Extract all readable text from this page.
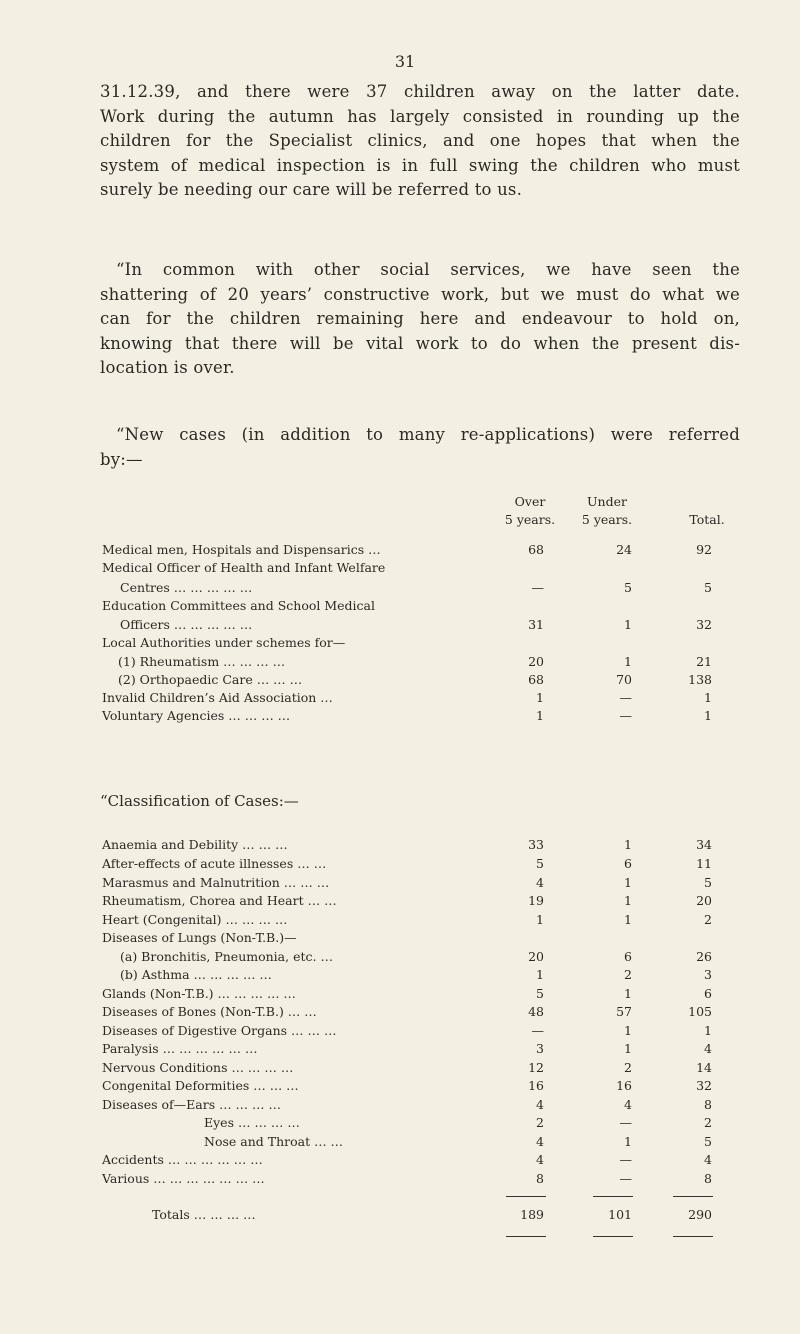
31
31.12.39, and there were 37 children away on the latter date.
Work during the autumn has largely consisted in rounding up the
children for the Specialist clinics, and one hopes that when the
system of medical inspection is in full swing the children who must
surely be needing our care will be referred to us.
“In common with other social services, we have seen the
shattering of 20 years’ constructive work, but we must do what we
can for the children remaining here and endeavour to hold on,
knowing that there will be vital work to do when the present dis-
location is over.
“New cases (in addition to many re-applications) were referred
by:—
Over
5 years.
Under
5 years.	Total.
Medical men, Hospitals and Dispensarics …	68	24	92
Medical Officer of Health and Infant Welfare
Centres … … … … …	—	5	5
Education Committees and School Medical
Officers … … … … …	31	1	32
Local Authorities under schemes for—
(1) Rheumatism … … … …	20	1	21
(2) Orthopaedic Care … … …	68	70	138
Invalid Children’s Aid Association …	1	—	1
Voluntary Agencies … … … …	1	—	1
“Classification of Cases:—
Anaemia and Debility … … …	33	1	34
After-effects of acute illnesses … …	5	6	11
Marasmus and Malnutrition … … …	4	1	5
Rheumatism, Chorea and Heart … …	19	1	20
Heart (Congenital) … … … …	1	1	2
Diseases of Lungs (Non-T.B.)—
(a) Bronchitis, Pneumonia, etc. …	20	6	26
(b) Asthma … … … … …	1	2	3
Glands (Non-T.B.) … … … … …	5	1	6
Diseases of Bones (Non-T.B.) … …	48	57	105
Diseases of Digestive Organs … … …	—	1	1
Paralysis … … … … … …	3	1	4
Nervous Conditions … … … …	12	2	14
Congenital Deformities … … …	16	16	32
Diseases of—Ears … … … …	4	4	8
Eyes … … … …	2	—	2
Nose and Throat … …	4	1	5
Accidents … … … … … …	4	—	4
Various … … … … … … …	8	—	8
Totals … … … …	189	101	290
